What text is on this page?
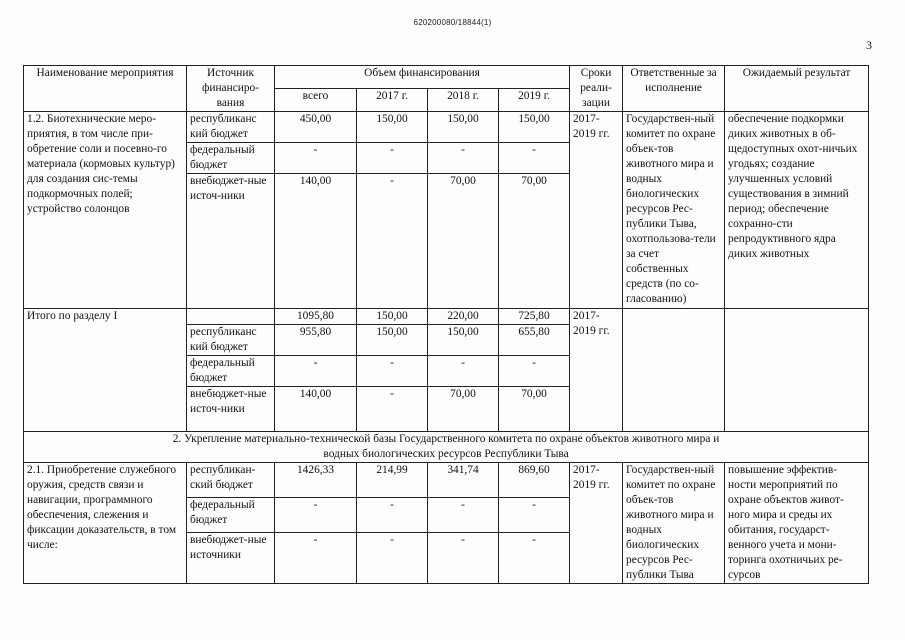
620200080/18844(1)
3
Наименование мероприятия	Источник финансиро-вания	Объем финансирования				Сроки реали-зации	Ответственные за исполнение	Ожидаемый результат
		всего	2017 г.	2018 г.	2019 г.			
1.2. Биотехнические меро-приятия, в том числе при-обретение соли и посевно-го материала (кормовых культур) для создания сис-темы подкормочных полей; устройство солонцов	республиканс кий бюджет	450,00	150,00	150,00	150,00	2017-2019 гг.	Государствен-ный комитет по охране объек-тов животного мира и водных биологических ресурсов Рес-публики Тыва, охотпользова-тели за счет собственных средств (по со-гласованию)	обеспечение подкормки диких животных в об-щедоступных охот-ничьих угодьях; создание улучшенных условий существования в зимний период; обеспечение сохранно-сти репродуктивного ядра диких животных
	федеральный бюджет	-	-	-	-			
	внебюджет-ные источ-ники	140,00	-	70,00	70,00			
Итого по разделу I		1095,80	150,00	220,00	725,80	2017-2019 гг.		
	республиканс кий бюджет	955,80	150,00	150,00	655,80			
	федеральный бюджет	-	-	-	-			
	внебюджет-ные источ-ники	140,00	-	70,00	70,00			
2. Укрепление материально-технической базы Государственного комитета по охране объектов животного мира и водных биологических ресурсов Республики Тыва								
2.1. Приобретение служебного оружия, средств связи и навигации, программного обеспечения, слежения и фиксации доказательств, в том числе:	республикан-ский бюджет	1426,33	214,99	341,74	869,60	2017-2019 гг.	Государствен-ный комитет по охране объек-тов животного мира и водных биологических ресурсов Рес-публики Тыва	повышение эффектив-ности мероприятий по охране объектов живот-ного мира и среды их обитания, государст-венного учета и мони-торинга охотничьих ре-сурсов
	федеральный бюджет	-	-	-	-			
	внебюджет-ные источники	-	-	-	-			
